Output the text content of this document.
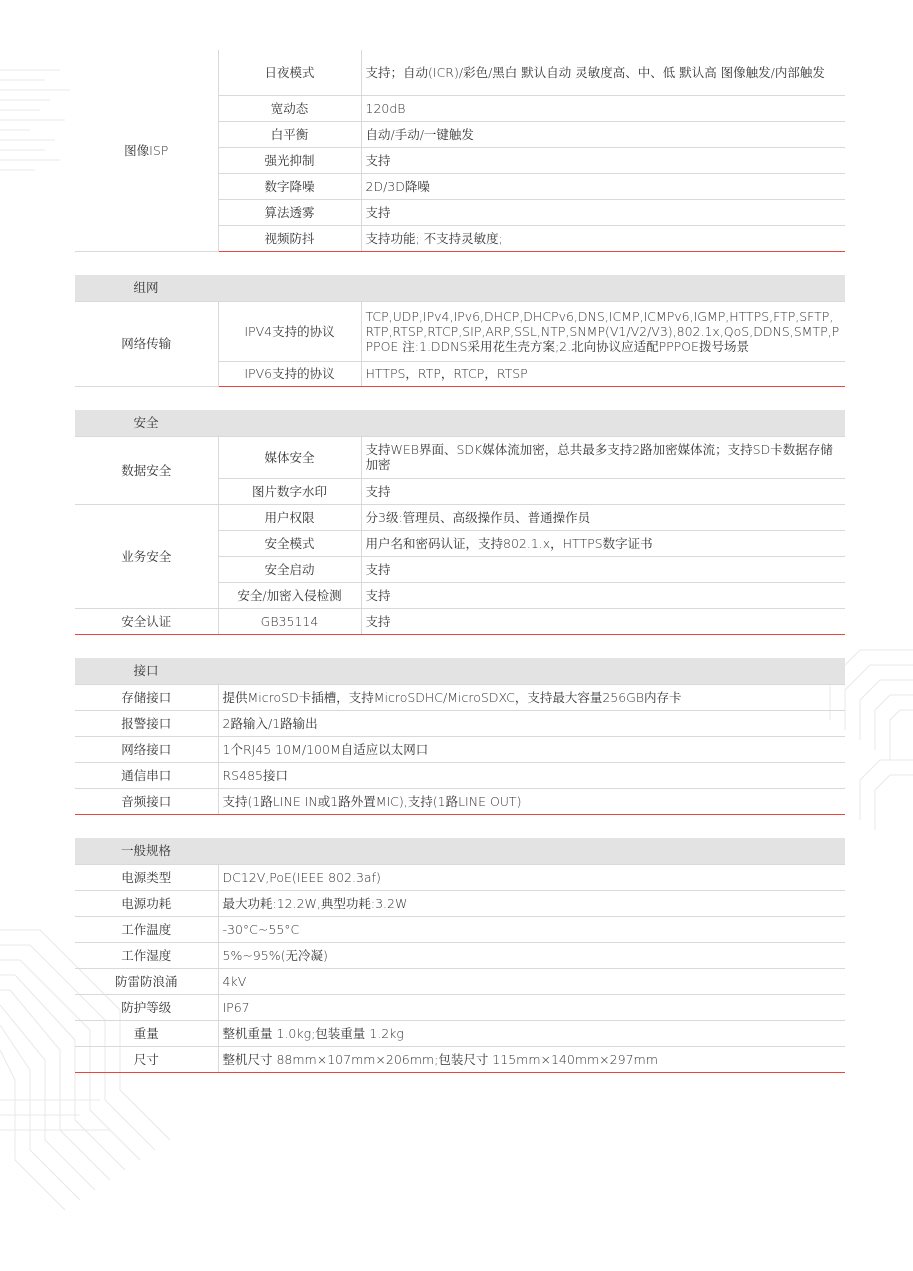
图像ISP	日夜模式	支持；自动(ICR)/彩色/黑白 默认自动 灵敏度高、中、低 默认高 图像触发/内部触发
	宽动态	120dB
	白平衡	自动/手动/一键触发
	强光抑制	支持
	数字降噪	2D/3D降噪
	算法透雾	支持
	视频防抖	支持功能; 不支持灵敏度;
组网		
网络传输	IPV4支持的协议	TCP,UDP,IPv4,IPv6,DHCP,DHCPv6,DNS,ICMP,ICMPv6,IGMP,HTTPS,FTP,SFTP,RTP,RTSP,RTCP,SIP,ARP,SSL,NTP,SNMP(V1/V2/V3),802.1x,QoS,DDNS,SMTP,PPPOE 注:1.DDNS采用花生壳方案;2.北向协议应适配PPPOE拨号场景
	IPV6支持的协议	HTTPS，RTP，RTCP，RTSP
安全		
数据安全	媒体安全	支持WEB界面、SDK媒体流加密，总共最多支持2路加密媒体流；支持SD卡数据存储加密
	图片数字水印	支持
业务安全	用户权限	分3级:管理员、高级操作员、普通操作员
	安全模式	用户名和密码认证，支持802.1.x，HTTPS数字证书
	安全启动	支持
	安全/加密入侵检测	支持
安全认证	GB35114	支持
接口	
存储接口	提供MicroSD卡插槽，支持MicroSDHC/MicroSDXC，支持最大容量256GB内存卡
报警接口	2路输入/1路输出
网络接口	1个RJ45 10M/100M自适应以太网口
通信串口	RS485接口
音频接口	支持(1路LINE IN或1路外置MIC),支持(1路LINE OUT)
一般规格	
电源类型	DC12V,PoE(IEEE 802.3af)
电源功耗	最大功耗:12.2W,典型功耗:3.2W
工作温度	-30°C~55°C
工作湿度	5%~95%(无冷凝)
防雷防浪涌	4kV
防护等级	IP67
重量	整机重量 1.0kg;包装重量 1.2kg
尺寸	整机尺寸 88mm×107mm×206mm;包装尺寸 115mm×140mm×297mm
